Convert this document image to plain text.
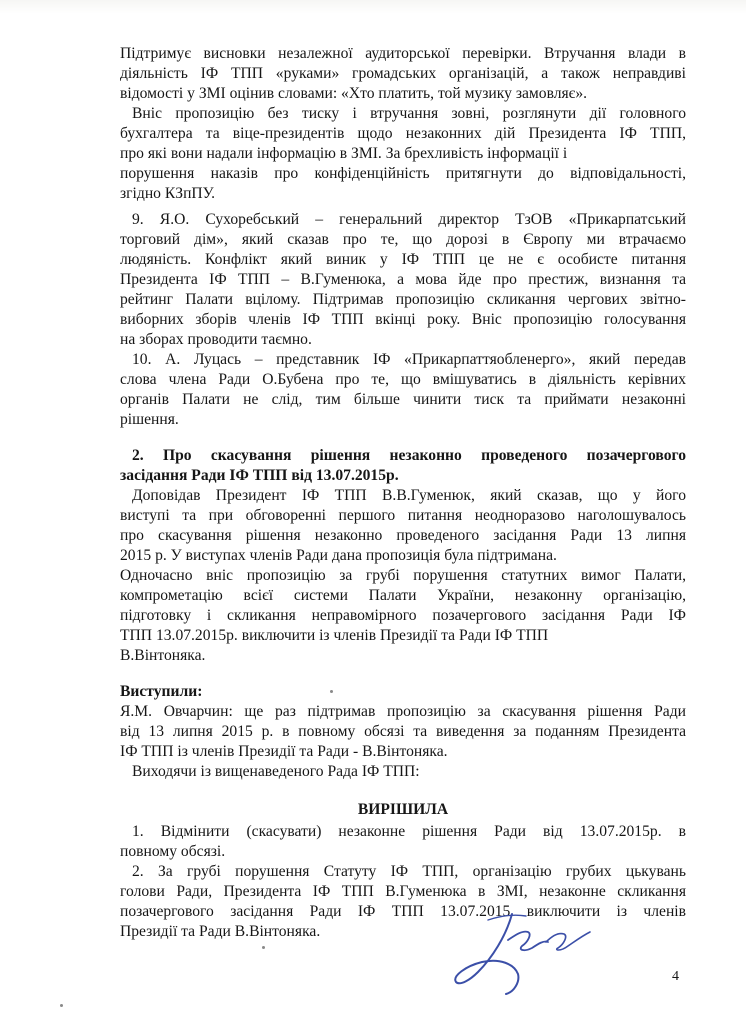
Підтримує висновки незалежної аудиторської перевірки. Втручання влади в
діяльність ІФ ТПП «руками» громадських організацій, а також неправдиві
відомості у ЗМІ оцінив словами: «Хто платить, той музику замовляє».
Вніс пропозицію без тиску і втручання зовні, розглянути дії головного
бухгалтера та віце-президентів щодо незаконних дій Президента ІФ ТПП,
про які вони надали інформацію в ЗМІ. За брехливість інформації і
порушення наказів про конфіденційність притягнути до відповідальності,
згідно КЗпПУ.
9. Я.О. Сухоребський – генеральний директор ТзОВ «Прикарпатський
торговий дім», який сказав про те, що дорозі в Європу ми втрачаємо
людяність. Конфлікт який виник у ІФ ТПП це не є особисте питання
Президента ІФ ТПП – В.Гуменюка, а мова йде про престиж, визнання та
рейтинг Палати вцілому. Підтримав пропозицію скликання чергових звітно-
виборних зборів членів ІФ ТПП вкінці року. Вніс пропозицію голосування
на зборах проводити таємно.
10. А. Луцась – представник ІФ «Прикарпаттяобленерго», який передав
слова члена Ради О.Бубена про те, що вмішуватись в діяльність керівних
органів Палати не слід, тим більше чинити тиск та приймати незаконні
рішення.
2. Про скасування рішення незаконно проведеного позачергового
засідання Ради ІФ ТПП від 13.07.2015р.
Доповідав Президент ІФ ТПП В.В.Гуменюк, який сказав, що у його
виступі та при обговоренні першого питання неодноразово наголошувалось
про скасування рішення незаконно проведеного засідання Ради 13 липня
2015 р. У виступах членів Ради дана пропозиція була підтримана.
Одночасно вніс пропозицію за грубі порушення статутних вимог Палати,
компрометацію всієї системи Палати України, незаконну організацію,
підготовку і скликання неправомірного позачергового засідання Ради ІФ
ТПП 13.07.2015р. виключити із членів Президії та Ради ІФ ТПП
В.Вінтоняка.
Виступили:
Я.М. Овчарчин: ще раз підтримав пропозицію за скасування рішення Ради
від 13 липня 2015 р. в повному обсязі та виведення за поданням Президента
ІФ ТПП із членів Президії та Ради - В.Вінтоняка.
Виходячи із вищенаведеного Рада ІФ ТПП:
ВИРІШИЛА
1. Відмінити (скасувати) незаконне рішення Ради від 13.07.2015р. в
повному обсязі.
2. За грубі порушення Статуту ІФ ТПП, організацію грубих цькувань
голови Ради, Президента ІФ ТПП В.Гуменюка в ЗМІ, незаконне скликання
позачергового засідання Ради ІФ ТПП 13.07.2015 виключити із членів
Президії та Ради В.Вінтоняка.
4
